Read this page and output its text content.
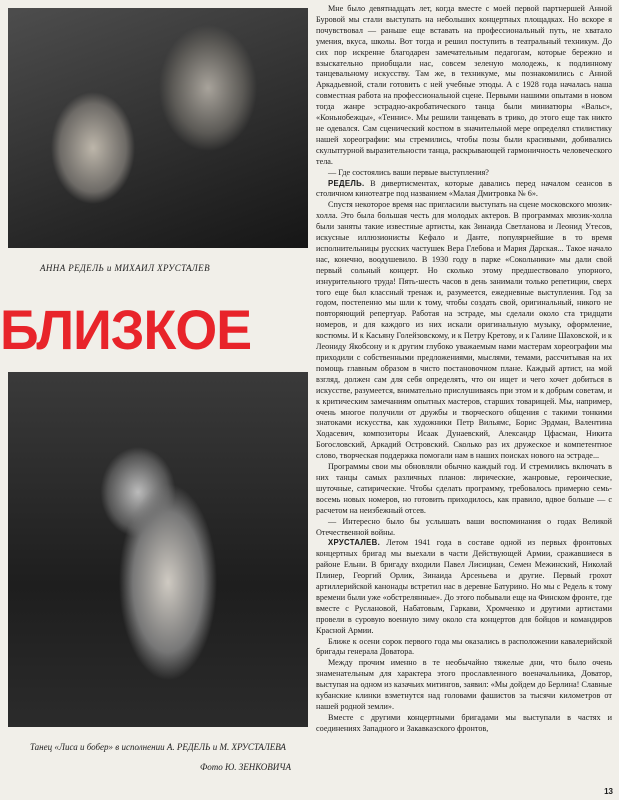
АННА РЕДЕЛЬ и МИХАИЛ ХРУСТАЛЕВ
БЛИЗКОЕ
Танец «Лиса и бобер» в исполнении А. РЕДЕЛЬ и М. ХРУСТАЛЕВА
Фото Ю. ЗЕНКОВИЧА

Мне было девятнадцать лет, когда вместе с моей первой партнершей Анной Буровой мы стали выступать на небольших концертных площадках. Но вскоре я почувствовал — раньше еще вставать на профессиональный путь, не хватало умения, вкуса, школы. Вот тогда и решил поступить в театральный техникум. До сих пор искренне благодарен замечательным педагогам, которые бережно и взыскательно приобщали нас, совсем зеленую молодежь, к подлинному танцевальному искусству. Там же, в техникуме, мы познакомились с Анной Аркадьевной, стали готовить с ней учебные этюды. А с 1928 года началась наша совместная работа на профессиональной сцене. Первыми нашими опытами в новом тогда жанре эстрадно-акробатического танца были миниатюры «Вальс», «Коньнобежцы», «Теннис». Мы решили танцевать в трико, до этого еще так никто не одевался. Сам сценический костюм в значительной мере определял стилистику нашей хореографии: мы стремились, чтобы позы были красивыми, добивались скульптурной выразительности танца, раскрывающей гармоничность человеческого тела.

— Где состоялись ваши первые выступления?

РЕДЕЛЬ. В дивертисментах, которые давались перед началом сеансов в столичном кинотеатре под названием «Малая Дмитровка № 6».

Спустя некоторое время нас пригласили выступать на сцене московского мюзик-холла. Это была большая честь для молодых актеров. В программах мюзик-холла были заняты такие известные артисты, как Зинаида Светланова и Леонид Утесов, искусные иллюзионисты Кефало и Данте, популярнейшие в то время исполнительницы русских частушек Вера Глебова и Мария Дарская... Такое начало нас, конечно, воодушевило. В 1930 году в парке «Сокольники» мы дали свой первый сольный концерт. Но сколько этому предшествовало упорного, изнурительного труда! Пять-шесть часов в день занимали только репетиции, сверх того еще был классный тренаж и, разумеется, ежедневные выступления. Год за годом, постепенно мы шли к тому, чтобы создать свой, оригинальный, никого не повторяющий репертуар. Работая на эстраде, мы сделали около ста тридцати номеров, и для каждого из них искали оригинальную музыку, оформление, костюмы. И к Касьяну Голейзовскому, и к Петру Кретову, и к Галине Шаховской, и к Леониду Якобсону и к другим глубоко уважаемым нами мастерам хореографии мы приходили с собственными предложениями, мыслями, темами, рассчитывая на их помощь главным образом в чисто постановочном плане. Каждый артист, на мой взгляд, должен сам для себя определять, что он ищет и чего хочет добиться в искусстве, разумеется, внимательно прислушиваясь при этом и к добрым советам, и к критическим замечаниям опытных мастеров, старших товарищей. Мы, например, очень многое получили от дружбы и творческого общения с такими тонкими знатоками искусства, как художники Петр Вильямс, Борис Эрдман, Валентина Ходасевич, композиторы Исаак Дунаевский, Александр Цфасман, Никита Богословский, Аркадий Островский. Сколько раз их дружеское и компетентное слово, творческая поддержка помогали нам в наших поисках нового на эстраде...

Программы свои мы обновляли обычно каждый год. И стремились включать в них танцы самых различных планов: лирические, жанровые, героические, шуточные, сатирические. Чтобы сделать программу, требовалось примерно семь-восемь новых номеров, но готовить приходилось, как правило, вдвое больше — с расчетом на неизбежный отсев.

— Интересно было бы услышать ваши воспоминания о годах Великой Отечественной войны.

ХРУСТАЛЕВ. Летом 1941 года в составе одной из первых фронтовых концертных бригад мы выехали в части Действующей Армии, сражавшиеся в районе Ельни. В бригаду входили Павел Лисициан, Семен Межинский, Николай Плинер, Георгий Орлик, Зинаида Арсеньева и другие. Первый грохот артиллерийской канонады встретил нас в деревне Батурино. Но мы с Редель к тому времени были уже «обстрелянные». До этого побывали еще на Финском фронте, где вместе с Руслановой, Набатовым, Гаркави, Хромченко и другими артистами провели в суровую военную зиму около ста концертов для бойцов и командиров Красной Армии.

Ближе к осени сорок первого года мы оказались в расположении кавалерийской бригады генерала Доватора.

Между прочим именно в те необычайно тяжелые дни, что было очень знаменательным для характера этого прославленного военачальника, Доватор, выступая на одном из казачьих митингов, заявил: «Мы дойдем до Берлина! Славные кубанские клинки взметнутся над головами фашистов за тысячи километров от нашей родной земли».

Вместе с другими концертными бригадами мы выступали в частях и соединениях Западного и Закавказского фронтов,

13
